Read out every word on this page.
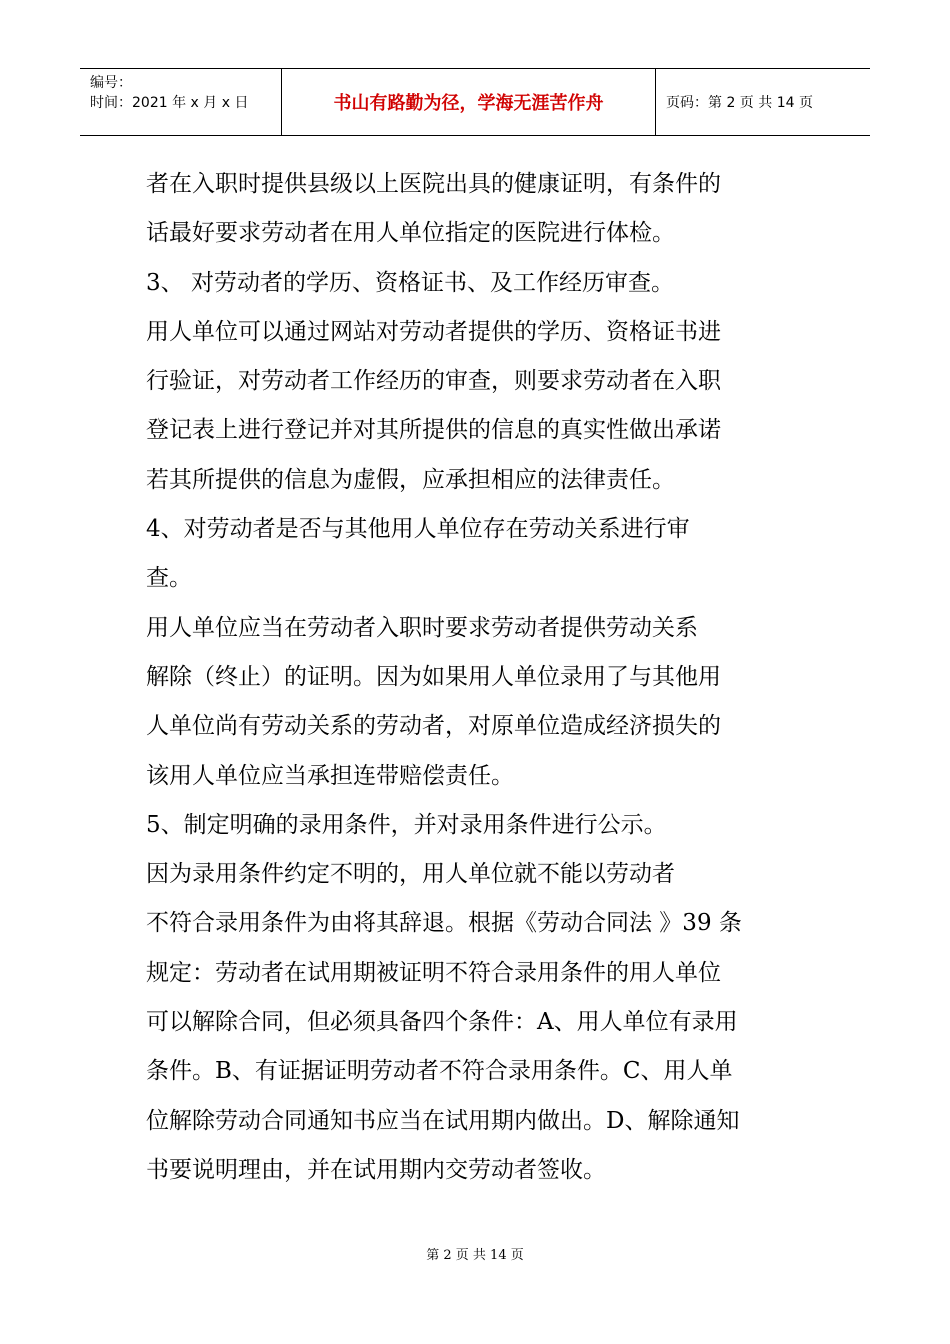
编号：
时间：2021 年 x 月 x 日	书山有路勤为径，学海无涯苦作舟	页码：第 2 页 共 14 页

者在入职时提供县级以上医院出具的健康证明，有条件的

话最好要求劳动者在用人单位指定的医院进行体检。

3、 对劳动者的学历、资格证书、及工作经历审查。

用人单位可以通过网站对劳动者提供的学历、资格证书进

行验证，对劳动者工作经历的审查，则要求劳动者在入职

登记表上进行登记并对其所提供的信息的真实性做出承诺

若其所提供的信息为虚假，应承担相应的法律责任。

4、对劳动者是否与其他用人单位存在劳动关系进行审

查。

用人单位应当在劳动者入职时要求劳动者提供劳动关系

解除（终止）的证明。因为如果用人单位录用了与其他用

人单位尚有劳动关系的劳动者，对原单位造成经济损失的

该用人单位应当承担连带赔偿责任。

5、制定明确的录用条件，并对录用条件进行公示。

因为录用条件约定不明的，用人单位就不能以劳动者

不符合录用条件为由将其辞退。根据《劳动合同法 》39 条

规定：劳动者在试用期被证明不符合录用条件的用人单位

可以解除合同，但必须具备四个条件：A、用人单位有录用

条件。B、有证据证明劳动者不符合录用条件。C、用人单

位解除劳动合同通知书应当在试用期内做出。D、解除通知

书要说明理由，并在试用期内交劳动者签收。

第 2 页 共 14 页
